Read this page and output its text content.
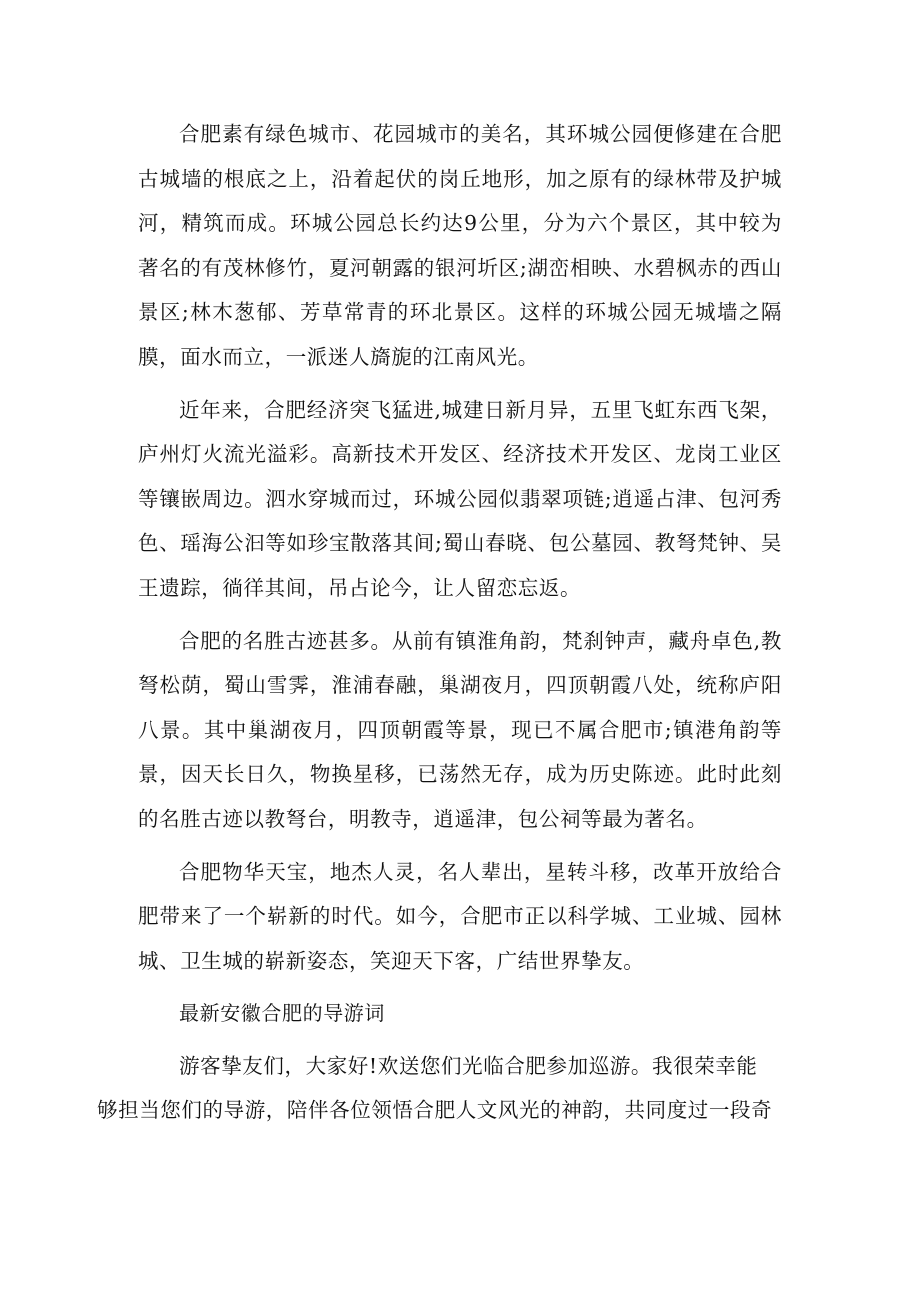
合肥素有绿色城市、花园城市的美名，其环城公园便修建在合肥古城墙的根底之上，沿着起伏的岗丘地形，加之原有的绿林带及护城河，精筑而成。环城公园总长约达9公里，分为六个景区，其中较为著名的有茂林修竹，夏河朝露的银河圻区;湖峦相映、水碧枫赤的西山景区;林木葱郁、芳草常青的环北景区。这样的环城公园无城墙之隔膜，面水而立，一派迷人旖旎的江南风光。

近年来，合肥经济突飞猛进,城建日新月异，五里飞虹东西飞架，庐州灯火流光溢彩。高新技术开发区、经济技术开发区、龙岗工业区等镶嵌周边。泗水穿城而过，环城公园似翡翠项链;逍遥占津、包河秀色、瑶海公汩等如珍宝散落其间;蜀山春晓、包公墓园、教弩梵钟、吴王遗踪，徜徉其间，吊占论今，让人留恋忘返。

合肥的名胜古迹甚多。从前有镇淮角韵，梵刹钟声，藏舟卓色,教弩松荫，蜀山雪霁，淮浦春融，巢湖夜月，四顶朝霞八处，统称庐阳八景。其中巢湖夜月，四顶朝霞等景，现已不属合肥市;镇港角韵等景，因天长日久，物换星移，已荡然无存，成为历史陈迹。此时此刻的名胜古迹以教弩台，明教寺，逍遥津，包公祠等最为著名。

合肥物华天宝，地杰人灵，名人辈出，星转斗移，改革开放给合肥带来了一个崭新的时代。如今，合肥市正以科学城、工业城、园林城、卫生城的崭新姿态，笑迎天下客，广结世界挚友。

最新安徽合肥的导游词

游客挚友们，大家好!欢送您们光临合肥参加巡游。我很荣幸能
够担当您们的导游，陪伴各位领悟合肥人文风光的神韵，共同度过一段奇
